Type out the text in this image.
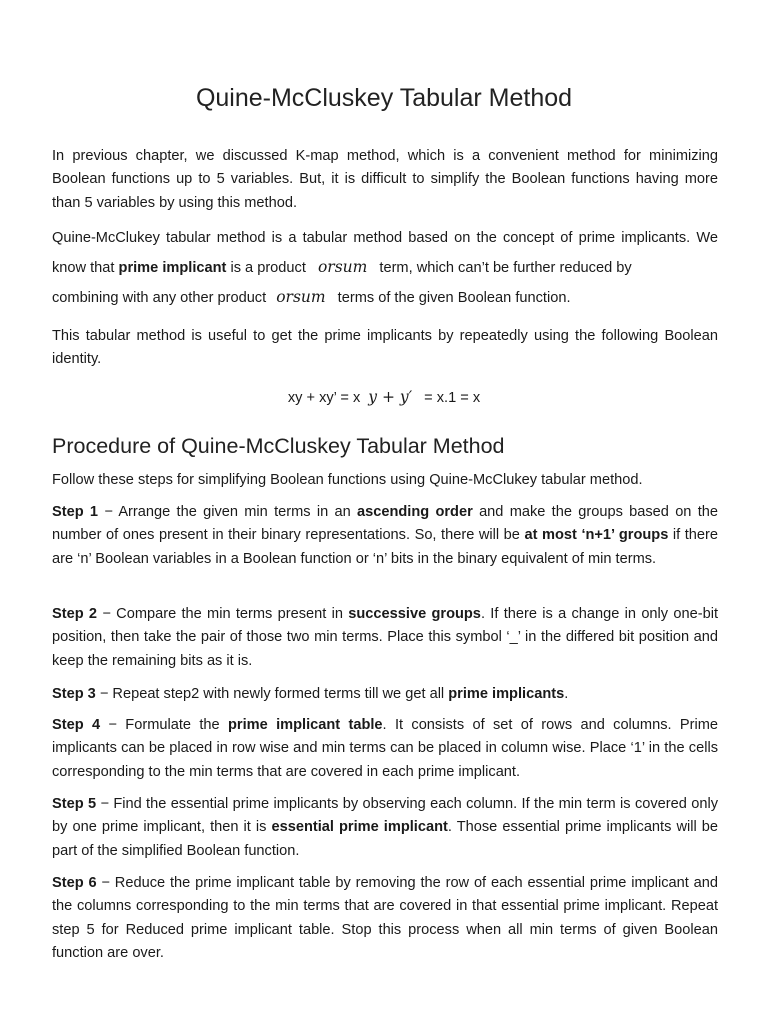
Quine-McCluskey Tabular Method

In previous chapter, we discussed K-map method, which is a convenient method for minimizing Boolean functions up to 5 variables. But, it is difficult to simplify the Boolean functions having more than 5 variables by using this method.

Quine-McClukey tabular method is a tabular method based on the concept of prime implicants. We know that prime implicant is a product orsum term, which can’t be further reduced by
combining with any other product orsum terms of the given Boolean function.

This tabular method is useful to get the prime implicants by repeatedly using the following Boolean identity.

xy + xy’ = x y + y′ = x.1 = x

Procedure of Quine-McCluskey Tabular Method

Follow these steps for simplifying Boolean functions using Quine-McClukey tabular method.

Step 1 − Arrange the given min terms in an ascending order and make the groups based on the number of ones present in their binary representations. So, there will be at most ‘n+1’ groups if there are ‘n’ Boolean variables in a Boolean function or ‘n’ bits in the binary equivalent of min terms.

Step 2 − Compare the min terms present in successive groups. If there is a change in only one-bit position, then take the pair of those two min terms. Place this symbol ‘_’ in the differed bit position and keep the remaining bits as it is.

Step 3 − Repeat step2 with newly formed terms till we get all prime implicants.

Step 4 − Formulate the prime implicant table. It consists of set of rows and columns. Prime implicants can be placed in row wise and min terms can be placed in column wise. Place ‘1’ in the cells corresponding to the min terms that are covered in each prime implicant.

Step 5 − Find the essential prime implicants by observing each column. If the min term is covered only by one prime implicant, then it is essential prime implicant. Those essential prime implicants will be part of the simplified Boolean function.

Step 6 − Reduce the prime implicant table by removing the row of each essential prime implicant and the columns corresponding to the min terms that are covered in that essential prime implicant. Repeat step 5 for Reduced prime implicant table. Stop this process when all min terms of given Boolean function are over.
